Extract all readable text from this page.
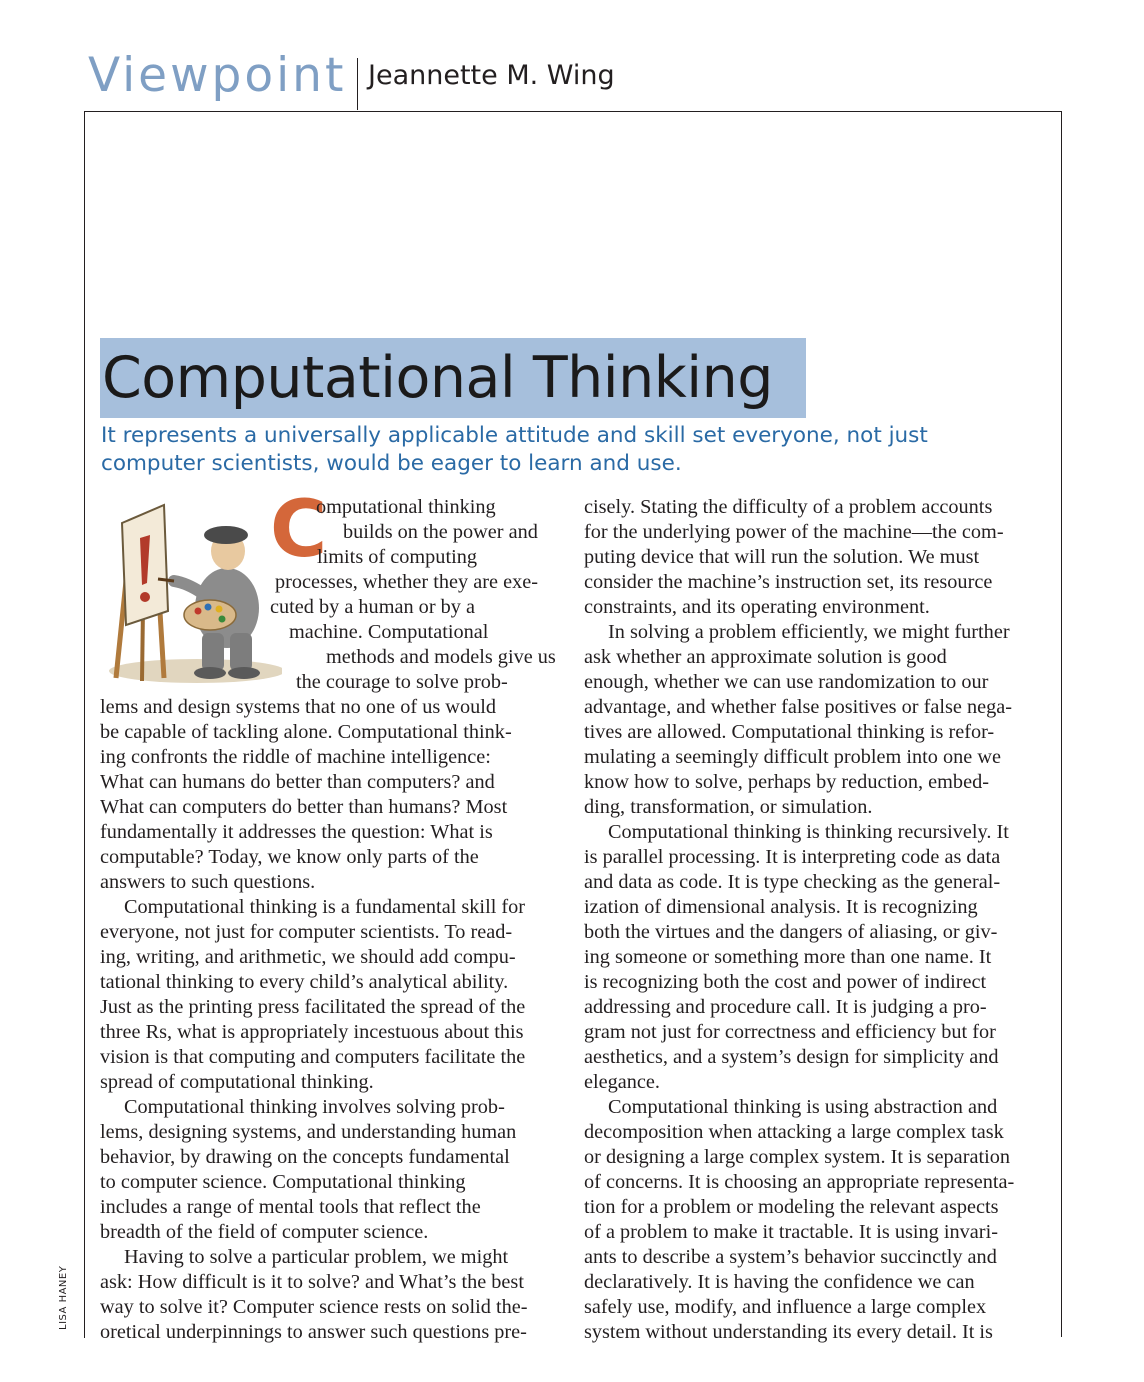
Viewpoint Jeannette M. Wing
Computational Thinking
It represents a universally applicable attitude and skill set everyone, not just
computer scientists, would be eager to learn and use.
C
omputational thinking
builds on the power and
limits of computing
processes, whether they are exe-
cuted by a human or by a
machine. Computational
methods and models give us
the courage to solve prob-
lems and design systems that no one of us would
be capable of tackling alone. Computational think-
ing confronts the riddle of machine intelligence:
What can humans do better than computers? and
What can computers do better than humans? Most
fundamentally it addresses the question: What is
computable? Today, we know only parts of the
answers to such questions.
Computational thinking is a fundamental skill for
everyone, not just for computer scientists. To read-
ing, writing, and arithmetic, we should add compu-
tational thinking to every child’s analytical ability.
Just as the printing press facilitated the spread of the
three Rs, what is appropriately incestuous about this
vision is that computing and computers facilitate the
spread of computational thinking.
Computational thinking involves solving prob-
lems, designing systems, and understanding human
behavior, by drawing on the concepts fundamental
to computer science. Computational thinking
includes a range of mental tools that reflect the
breadth of the field of computer science.
Having to solve a particular problem, we might
ask: How difficult is it to solve? and What’s the best
way to solve it? Computer science rests on solid the-
oretical underpinnings to answer such questions pre-
cisely. Stating the difficulty of a problem accounts
for the underlying power of the machine—the com-
puting device that will run the solution. We must
consider the machine’s instruction set, its resource
constraints, and its operating environment.
In solving a problem efficiently, we might further
ask whether an approximate solution is good
enough, whether we can use randomization to our
advantage, and whether false positives or false nega-
tives are allowed. Computational thinking is refor-
mulating a seemingly difficult problem into one we
know how to solve, perhaps by reduction, embed-
ding, transformation, or simulation.
Computational thinking is thinking recursively. It
is parallel processing. It is interpreting code as data
and data as code. It is type checking as the general-
ization of dimensional analysis. It is recognizing
both the virtues and the dangers of aliasing, or giv-
ing someone or something more than one name. It
is recognizing both the cost and power of indirect
addressing and procedure call. It is judging a pro-
gram not just for correctness and efficiency but for
aesthetics, and a system’s design for simplicity and
elegance.
Computational thinking is using abstraction and
decomposition when attacking a large complex task
or designing a large complex system. It is separation
of concerns. It is choosing an appropriate representa-
tion for a problem or modeling the relevant aspects
of a problem to make it tractable. It is using invari-
ants to describe a system’s behavior succinctly and
declaratively. It is having the confidence we can
safely use, modify, and influence a large complex
system without understanding its every detail. It is
LISA HANEY
